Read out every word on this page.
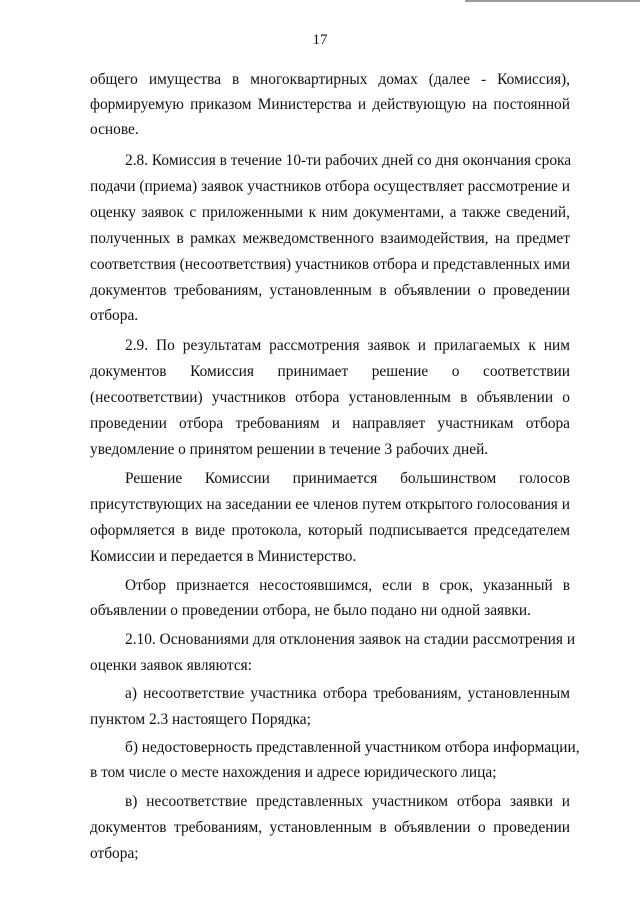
17
общего имущества в многоквартирных домах (далее - Комиссия),
формируемую приказом Министерства и действующую на постоянной
основе.
2.8. Комиссия в течение 10-ти рабочих дней со дня окончания срока
подачи (приема) заявок участников отбора осуществляет рассмотрение и
оценку заявок с приложенными к ним документами, а также сведений,
полученных в рамках межведомственного взаимодействия, на предмет
соответствия (несоответствия) участников отбора и представленных ими
документов требованиям, установленным в объявлении о проведении
отбора.
2.9. По результатам рассмотрения заявок и прилагаемых к ним
документов Комиссия принимает решение о соответствии
(несоответствии) участников отбора установленным в объявлении о
проведении отбора требованиям и направляет участникам отбора
уведомление о принятом решении в течение 3 рабочих дней.
Решение Комиссии принимается большинством голосов
присутствующих на заседании ее членов путем открытого голосования и
оформляется в виде протокола, который подписывается председателем
Комиссии и передается в Министерство.
Отбор признается несостоявшимся, если в срок, указанный в
объявлении о проведении отбора, не было подано ни одной заявки.
2.10. Основаниями для отклонения заявок на стадии рассмотрения и
оценки заявок являются:
а) несоответствие участника отбора требованиям, установленным
пунктом 2.3 настоящего Порядка;
б) недостоверность представленной участником отбора информации,
в том числе о месте нахождения и адресе юридического лица;
в) несоответствие представленных участником отбора заявки и
документов требованиям, установленным в объявлении о проведении
отбора;
